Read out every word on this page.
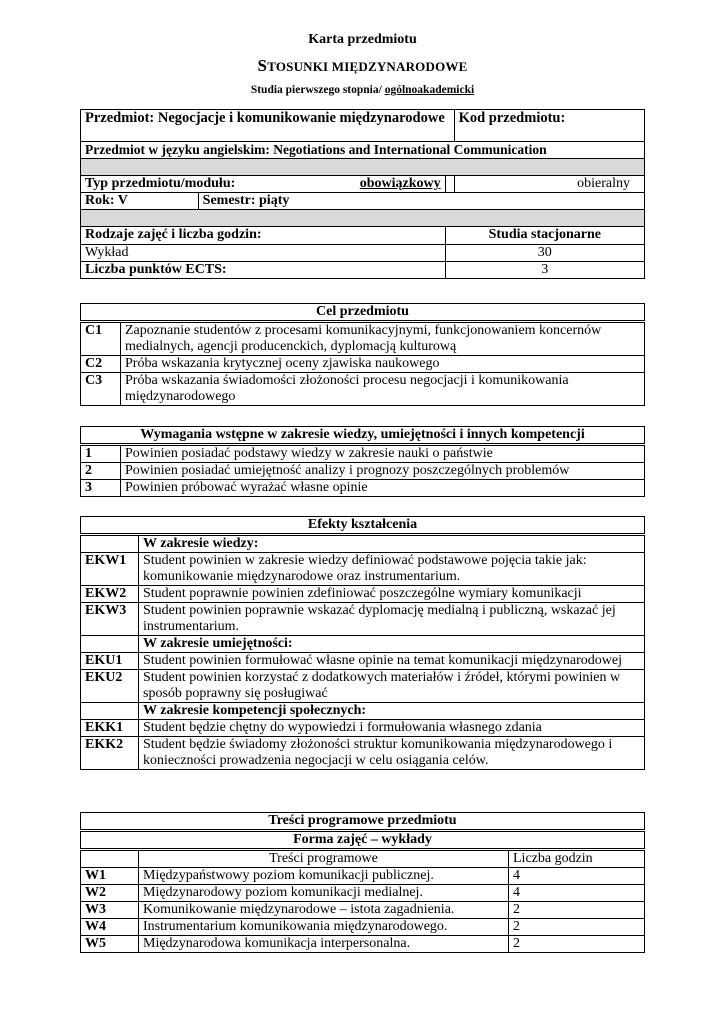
Karta przedmiotu
STOSUNKI MIĘDZYNARODOWE
Studia pierwszego stopnia/ ogólnoakademicki
Przedmiot: Negocjacje i komunikowanie międzynarodowe			Kod przedmiotu:
Przedmiot w języku angielskim: Negotiations and International Communication			

Typ przedmiotu/modułu: obowiązkowy			obieralny
Rok: V	Semestr: piąty		

Rodzaje zajęć i liczba godzin:		Studia stacjonarne	
Wykład		30	
Liczba punktów ECTS:		3	
Cel przedmiotu	
C1	Zapoznanie studentów z procesami komunikacyjnymi, funkcjonowaniem koncernów medialnych, agencji producenckich, dyplomacją kulturową
C2	Próba wskazania krytycznej oceny zjawiska naukowego
C3	Próba wskazania świadomości złożoności procesu negocjacji i komunikowania międzynarodowego
Wymagania wstępne w zakresie wiedzy, umiejętności i innych kompetencji	
1	Powinien posiadać podstawy wiedzy w zakresie nauki o państwie
2	Powinien posiadać umiejętność analizy i prognozy poszczególnych problemów
3	Powinien próbować wyrażać własne opinie
Efekty kształcenia	
	W zakresie wiedzy:
EKW1	Student powinien w zakresie wiedzy definiować podstawowe pojęcia takie jak: komunikowanie międzynarodowe oraz instrumentarium.
EKW2	Student poprawnie powinien zdefiniować poszczególne wymiary komunikacji
EKW3	Student powinien poprawnie wskazać dyplomację medialną i publiczną, wskazać jej instrumentarium.
	W zakresie umiejętności:
EKU1	Student powinien formułować własne opinie na temat komunikacji międzynarodowej
EKU2	Student powinien korzystać z dodatkowych materiałów i źródeł, którymi powinien w sposób poprawny się posługiwać
	W zakresie kompetencji społecznych:
EKK1	Student będzie chętny do wypowiedzi i formułowania własnego zdania
EKK2	Student będzie świadomy złożoności struktur komunikowania międzynarodowego i konieczności prowadzenia negocjacji w celu osiągania celów.
Treści programowe przedmiotu		
Forma zajęć – wykłady		
	Treści programowe	Liczba godzin
W1	Międzypaństwowy poziom komunikacji publicznej.	4
W2	Międzynarodowy poziom komunikacji medialnej.	4
W3	Komunikowanie międzynarodowe – istota zagadnienia.	2
W4	Instrumentarium komunikowania międzynarodowego.	2
W5	Międzynarodowa komunikacja interpersonalna.	2
